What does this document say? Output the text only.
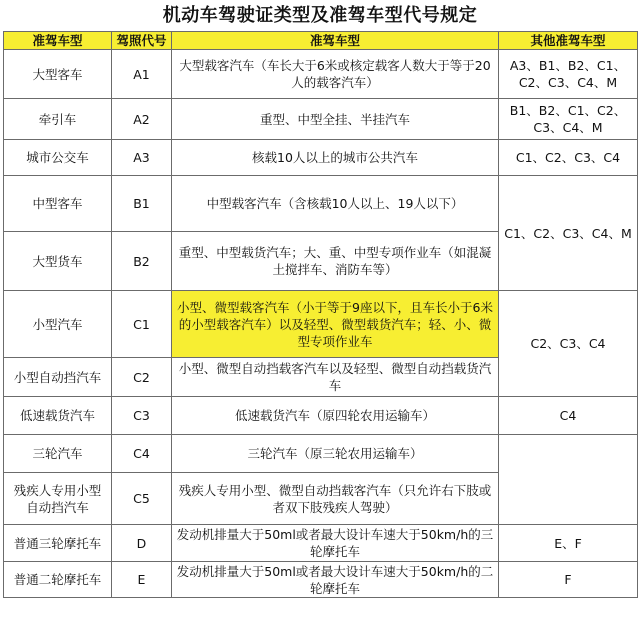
机动车驾驶证类型及准驾车型代号规定
准驾车型	驾照代号	准驾车型	其他准驾车型
大型客车	A1	大型载客汽车（车长大于6米或核定载客人数大于等于20人的载客汽车）	A3、B1、B2、C1、C2、C3、C4、M
牵引车	A2	重型、中型全挂、半挂汽车	B1、B2、C1、C2、C3、C4、M
城市公交车	A3	核载10人以上的城市公共汽车	C1、C2、C3、C4
中型客车	B1	中型载客汽车（含核载10人以上、19人以下）	C1、C2、C3、C4、M
大型货车	B2	重型、中型载货汽车；大、重、中型专项作业车（如混凝土搅拌车、消防车等）	
小型汽车	C1	小型、微型载客汽车（小于等于9座以下，且车长小于6米的小型载客汽车）以及轻型、微型载货汽车；轻、小、微型专项作业车	C2、C3、C4
小型自动挡汽车	C2	小型、微型自动挡载客汽车以及轻型、微型自动挡载货汽车	
低速载货汽车	C3	低速载货汽车（原四轮农用运输车）	C4
三轮汽车	C4	三轮汽车（原三轮农用运输车）	
残疾人专用小型自动挡汽车	C5	残疾人专用小型、微型自动挡载客汽车（只允许右下肢或者双下肢残疾人驾驶）	
普通三轮摩托车	D	发动机排量大于50ml或者最大设计车速大于50km/h的三轮摩托车	E、F
普通二轮摩托车	E	发动机排量大于50ml或者最大设计车速大于50km/h的二轮摩托车	F
